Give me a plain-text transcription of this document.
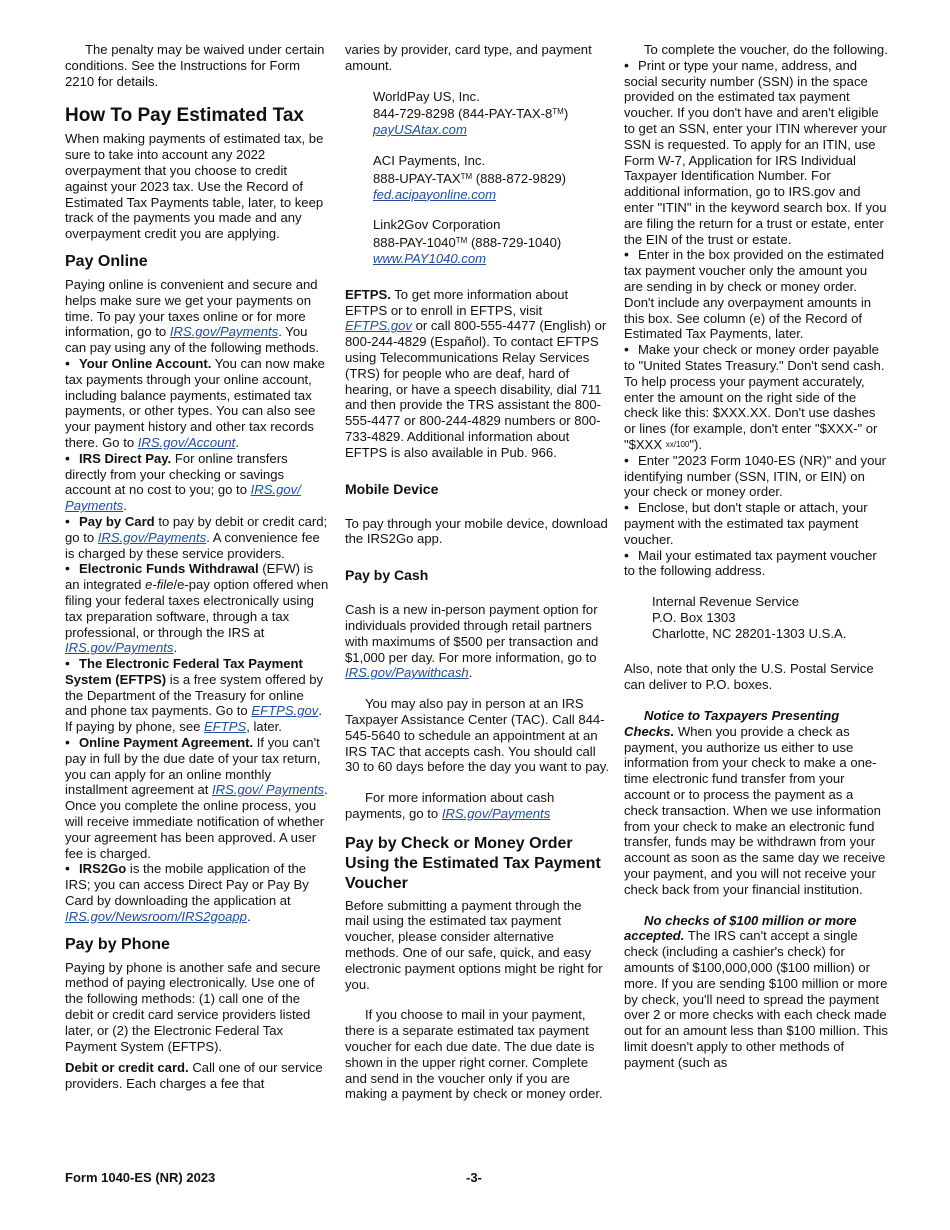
The penalty may be waived under certain conditions. See the Instructions for Form 2210 for details.

How To Pay Estimated Tax

When making payments of estimated tax, be sure to take into account any 2022 overpayment that you choose to credit against your 2023 tax. Use the Record of Estimated Tax Payments table, later, to keep track of the payments you made and any overpayment credit you are applying.

Pay Online

Paying online is convenient and secure and helps make sure we get your payments on time. To pay your taxes online or for more information, go to IRS.gov/Payments. You can pay using any of the following methods.

• Your Online Account. You can now make tax payments through your online account, including balance payments, estimated tax payments, or other types. You can also see your payment history and other tax records there. Go to IRS.gov/Account.

• IRS Direct Pay. For online transfers directly from your checking or savings account at no cost to you; go to IRS.gov/ Payments.

• Pay by Card to pay by debit or credit card; go to IRS.gov/Payments. A convenience fee is charged by these service providers.

• Electronic Funds Withdrawal (EFW) is an integrated e-file/e-pay option offered when filing your federal taxes electronically using tax preparation software, through a tax professional, or through the IRS at IRS.gov/Payments.

• The Electronic Federal Tax Payment System (EFTPS) is a free system offered by the Department of the Treasury for online and phone tax payments. Go to EFTPS.gov. If paying by phone, see EFTPS, later.

• Online Payment Agreement. If you can't pay in full by the due date of your tax return, you can apply for an online monthly installment agreement at IRS.gov/ Payments. Once you complete the online process, you will receive immediate notification of whether your agreement has been approved. A user fee is charged.

• IRS2Go is the mobile application of the IRS; you can access Direct Pay or Pay By Card by downloading the application at IRS.gov/Newsroom/IRS2goapp.

Pay by Phone

Paying by phone is another safe and secure method of paying electronically. Use one of the following methods: (1) call one of the debit or credit card service providers listed later, or (2) the Electronic Federal Tax Payment System (EFTPS).

Debit or credit card. Call one of our service providers. Each charges a fee that

varies by provider, card type, and payment amount.

WorldPay US, Inc.
844-729-8298 (844-PAY-TAX-8™)
payUSAtax.com
ACI Payments, Inc.
888-UPAY-TAX™ (888-872-9829)
fed.acipayonline.com
Link2Gov Corporation
888-PAY-1040™ (888-729-1040)
www.PAY1040.com

EFTPS. To get more information about EFTPS or to enroll in EFTPS, visit EFTPS.gov or call 800-555-4477 (English) or 800-244-4829 (Español). To contact EFTPS using Telecommunications Relay Services (TRS) for people who are deaf, hard of hearing, or have a speech disability, dial 711 and then provide the TRS assistant the 800-555-4477 or 800-244-4829 numbers or 800-733-4829. Additional information about EFTPS is also available in Pub. 966.

Mobile Device

To pay through your mobile device, download the IRS2Go app.

Pay by Cash

Cash is a new in-person payment option for individuals provided through retail partners with maximums of $500 per transaction and $1,000 per day. For more information, go to IRS.gov/Paywithcash.

You may also pay in person at an IRS Taxpayer Assistance Center (TAC). Call 844-545-5640 to schedule an appointment at an IRS TAC that accepts cash. You should call 30 to 60 days before the day you want to pay.

For more information about cash payments, go to IRS.gov/Payments

Pay by Check or Money Order Using the Estimated Tax Payment Voucher

Before submitting a payment through the mail using the estimated tax payment voucher, please consider alternative methods. One of our safe, quick, and easy electronic payment options might be right for you.

If you choose to mail in your payment, there is a separate estimated tax payment voucher for each due date. The due date is shown in the upper right corner. Complete and send in the voucher only if you are making a payment by check or money order.

To complete the voucher, do the following.

• Print or type your name, address, and social security number (SSN) in the space provided on the estimated tax payment voucher. If you don't have and aren't eligible to get an SSN, enter your ITIN wherever your SSN is requested. To apply for an ITIN, use Form W-7, Application for IRS Individual Taxpayer Identification Number. For additional information, go to IRS.gov and enter "ITIN" in the keyword search box. If you are filing the return for a trust or estate, enter the EIN of the trust or estate.

• Enter in the box provided on the estimated tax payment voucher only the amount you are sending in by check or money order. Don't include any overpayment amounts in this box. See column (e) of the Record of Estimated Tax Payments, later.

• Make your check or money order payable to "United States Treasury." Don't send cash. To help process your payment accurately, enter the amount on the right side of the check like this: $XXX.XX. Don't use dashes or lines (for example, don't enter "$XXX-" or "$XXX xx/100").

• Enter "2023 Form 1040-ES (NR)" and your identifying number (SSN, ITIN, or EIN) on your check or money order.

• Enclose, but don't staple or attach, your payment with the estimated tax payment voucher.

• Mail your estimated tax payment voucher to the following address.

Internal Revenue Service
P.O. Box 1303
Charlotte, NC 28201-1303 U.S.A.

Also, note that only the U.S. Postal Service can deliver to P.O. boxes.

Notice to Taxpayers Presenting Checks. When you provide a check as payment, you authorize us either to use information from your check to make a one-time electronic fund transfer from your account or to process the payment as a check transaction. When we use information from your check to make an electronic fund transfer, funds may be withdrawn from your account as soon as the same day we receive your payment, and you will not receive your check back from your financial institution.

No checks of $100 million or more accepted. The IRS can't accept a single check (including a cashier's check) for amounts of $100,000,000 ($100 million) or more. If you are sending $100 million or more by check, you'll need to spread the payment over 2 or more checks with each check made out for an amount less than $100 million. This limit doesn't apply to other methods of payment (such as

Form 1040-ES (NR) 2023	-3-
